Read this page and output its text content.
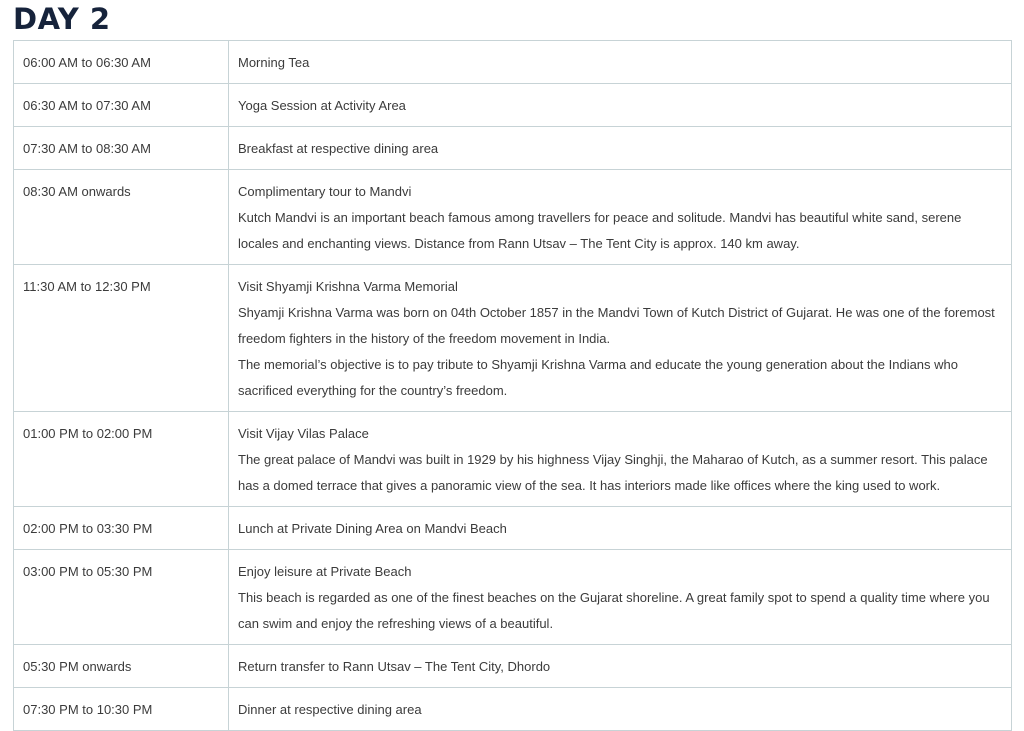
DAY 2
06:00 AM to 06:30 AM	Morning Tea

06:30 AM to 07:30 AM	Yoga Session at Activity Area

07:30 AM to 08:30 AM	Breakfast at respective dining area

08:30 AM onwards	Complimentary tour to Mandvi

Kutch Mandvi is an important beach famous among travellers for peace and solitude. Mandvi has beautiful white sand, serene locales and enchanting views. Distance from Rann Utsav – The Tent City is approx. 140 km away.

11:30 AM to 12:30 PM	Visit Shyamji Krishna Varma Memorial

Shyamji Krishna Varma was born on 04th October 1857 in the Mandvi Town of Kutch District of Gujarat. He was one of the foremost freedom fighters in the history of the freedom movement in India.

The memorial’s objective is to pay tribute to Shyamji Krishna Varma and educate the young generation about the Indians who sacrificed everything for the country’s freedom.

01:00 PM to 02:00 PM	Visit Vijay Vilas Palace

The great palace of Mandvi was built in 1929 by his highness Vijay Singhji, the Maharao of Kutch, as a summer resort. This palace has a domed terrace that gives a panoramic view of the sea. It has interiors made like offices where the king used to work.

02:00 PM to 03:30 PM	Lunch at Private Dining Area on Mandvi Beach

03:00 PM to 05:30 PM	Enjoy leisure at Private Beach

This beach is regarded as one of the finest beaches on the Gujarat shoreline. A great family spot to spend a quality time where you can swim and enjoy the refreshing views of a beautiful.

05:30 PM onwards	Return transfer to Rann Utsav – The Tent City, Dhordo

07:30 PM to 10:30 PM	Dinner at respective dining area
